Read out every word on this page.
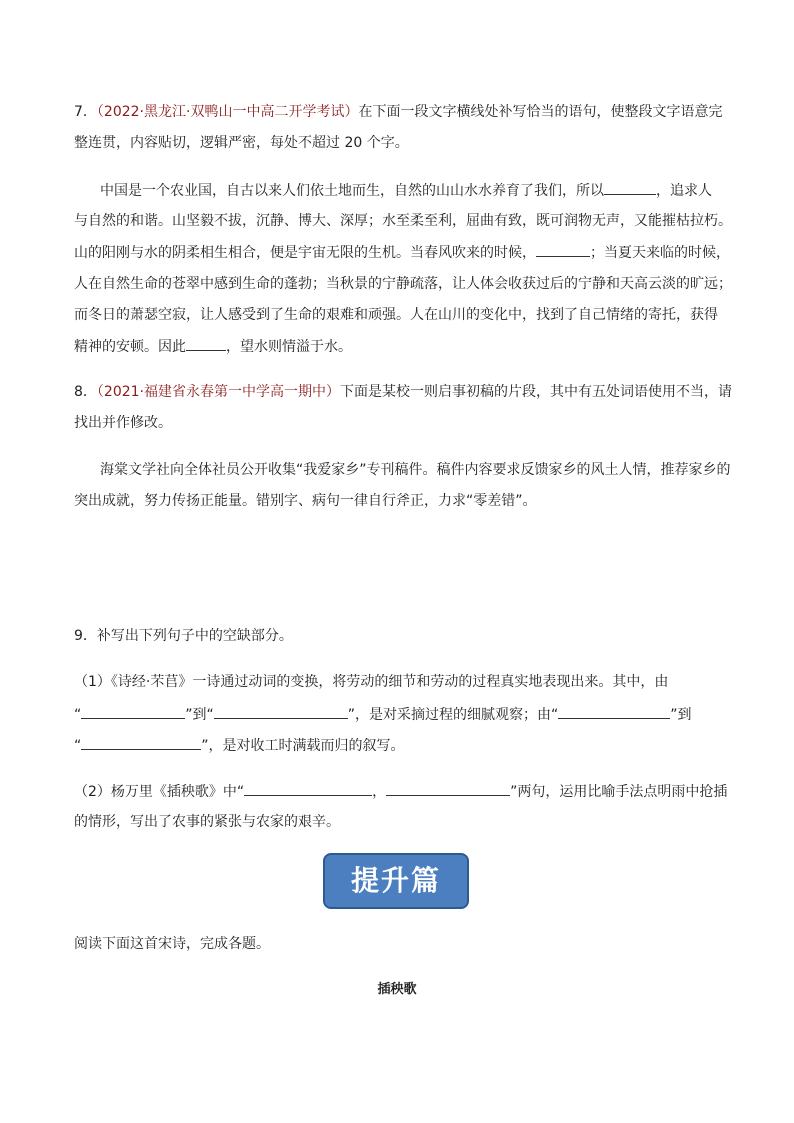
7．（2022·黑龙江·双鸭山一中高二开学考试）在下面一段文字横线处补写恰当的语句，使整段文字语意完
整连贯，内容贴切，逻辑严密，每处不超过 20 个字。
中国是一个农业国，自古以来人们依土地而生，自然的山山水水养育了我们，所以	，追求人
与自然的和谐。山坚毅不拔，沉静、博大、深厚；水至柔至利，屈曲有致，既可润物无声，又能摧枯拉朽。
山的阳刚与水的阴柔相生相合，便是宇宙无限的生机。当春风吹来的时候，	；当夏天来临的时候，
人在自然生命的苍翠中感到生命的蓬勃；当秋景的宁静疏落，让人体会收获过后的宁静和天高云淡的旷远；
而冬日的萧瑟空寂，让人感受到了生命的艰难和顽强。人在山川的变化中，找到了自己情绪的寄托，获得
精神的安顿。因此	，望水则情溢于水。
8．（2021·福建省永春第一中学高一期中）下面是某校一则启事初稿的片段，其中有五处词语使用不当，请
找出并作修改。
海棠文学社向全体社员公开收集“我爱家乡”专刊稿件。稿件内容要求反馈家乡的风土人情，推荐家乡的
突出成就，努力传扬正能量。错别字、病句一律自行斧正，力求“零差错”。
9．补写出下列句子中的空缺部分。
（1）《诗经·芣苢》一诗通过动词的变换，将劳动的细节和劳动的过程真实地表现出来。其中，由
“	”到“	”，是对采摘过程的细腻观察；由“	”到
“	”，是对收工时满载而归的叙写。
（2）杨万里《插秧歌》中“	，	”两句，运用比喻手法点明雨中抢插
的情形，写出了农事的紧张与农家的艰辛。
提升篇
阅读下面这首宋诗，完成各题。
插秧歌
